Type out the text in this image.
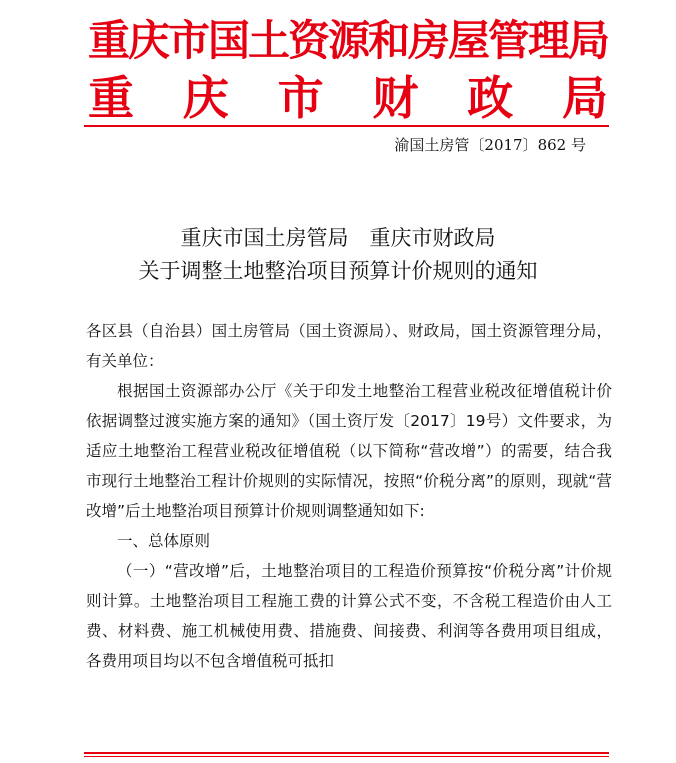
重庆市国土资源和房屋管理局
重 庆 市 财 政 局
渝国土房管〔2017〕862 号
重庆市国土房管局　重庆市财政局
关于调整土地整治项目预算计价规则的通知

各区县（自治县）国土房管局（国土资源局）、财政局，国土资源管理分局，有关单位：

根据国土资源部办公厅《关于印发土地整治工程营业税改征增值税计价依据调整过渡实施方案的通知》（国土资厅发〔2017〕19号）文件要求，为适应土地整治工程营业税改征增值税（以下简称“营改增”）的需要，结合我市现行土地整治工程计价规则的实际情况，按照“价税分离”的原则，现就“营改增”后土地整治项目预算计价规则调整通知如下:

一、总体原则

（一）“营改增”后，土地整治项目的工程造价预算按“价税分离”计价规则计算。土地整治项目工程施工费的计算公式不变，不含税工程造价由人工费、材料费、施工机械使用费、措施费、间接费、利润等各费用项目组成，各费用项目均以不包含增值税可抵扣
